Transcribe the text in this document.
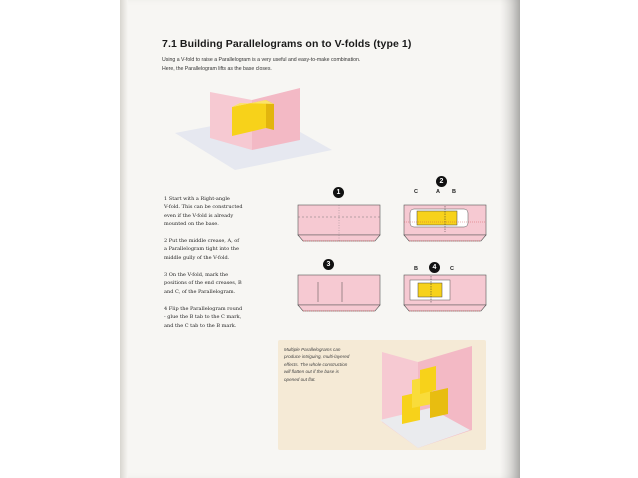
7.1 Building Parallelograms on to V-folds (type 1)
Using a V-fold to raise a Parallelogram is a very useful and easy-to-make combination.
Here, the Parallelogram lifts as the base closes.
1
2
3	4
C	A B
B	C
1 Start with a Right-angle
V-fold. This can be constructed
even if the V-fold is already
mounted on the base.
2 Put the middle crease, A, of
a Parallelogram tight into the
middle gully of the V-fold.
3 On the V-fold, mark the
positions of the end creases, B
and C, of the Parallelogram.
4 Flip the Parallelogram round
- glue the B tab to the C mark,
and the C tab to the B mark.
Multiple Parallelograms can
produce intriguing, multi-layered
effects. The whole construction
will flatten out if the base is
opened out flat.
